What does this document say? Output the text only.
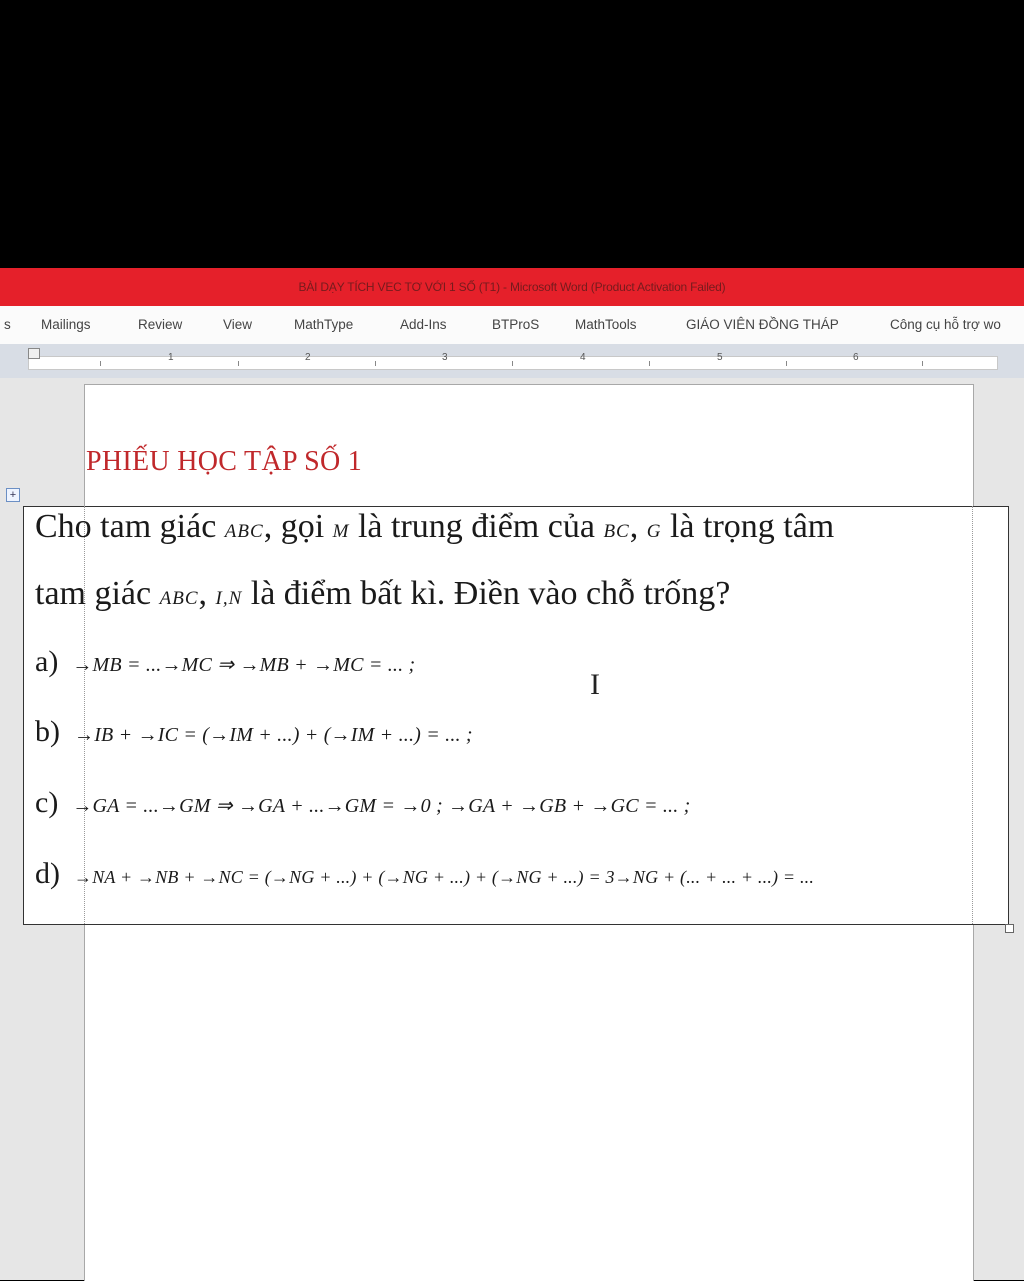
BÀI DẠY TÍCH VEC TƠ VỚI 1 SỐ (T1) - Microsoft Word (Product Activation Failed)
s Mailings	Review	View	MathType	Add-Ins	BTProS	MathTools	GIÁO VIÊN ĐỒNG THÁP	Công cụ hỗ trợ wo
1	2	3	4	5	6
PHIẾU HỌC TẬP SỐ 1
+
Cho tam giác ABC, gọi M là trung điểm của BC, G là trọng tâm
tam giác ABC, I,N là điểm bất kì. Điền vào chỗ trống?
a) →MB = ...→MC ⇒ →MB + →MC = ... ;
b) →IB + →IC = (→IM + ...) + (→IM + ...) = ... ;
c) →GA = ...→GM ⇒ →GA + ...→GM = →0 ; →GA + →GB + →GC = ... ;
d) →NA + →NB + →NC = (→NG + ...) + (→NG + ...) + (→NG + ...) = 3→NG + (... + ... + ...) = ...
I
